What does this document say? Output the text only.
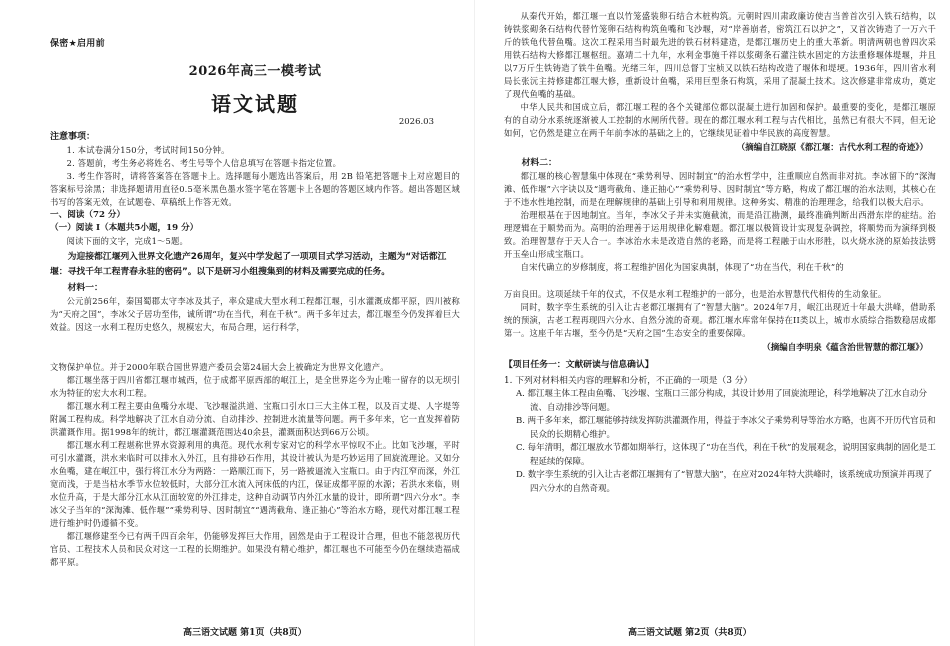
保密★启用前
2026年高三一模考试
语文试题
2026.03
注意事项：

1. 本试卷满分150分，考试时间150分钟。

2. 答题前，考生务必将姓名、考生号等个人信息填写在答题卡指定位置。

3. 考生作答时，请将答案答在答题卡上。选择题每小题选出答案后，用 2B 铅笔把答题卡上对应题目的答案标号涂黑；非选择题请用直径0.5毫米黑色墨水签字笔在答题卡上各题的答题区域内作答。超出答题区域书写的答案无效，在试题卷、草稿纸上作答无效。

一、阅读（72 分）
（一）阅读 I（本题共5小题，19 分）

阅读下面的文字，完成1～5题。

为迎接都江堰列入世界文化遗产26周年，复兴中学发起了一项项目式学习活动，主题为“对话都江堰：寻找千年工程青春永驻的密码”。以下是研习小组搜集到的材料及需要完成的任务。

材料一：

公元前256年，秦国蜀郡太守李冰及其子，率众建成大型水利工程都江堰，引水灌溉成都平原，四川被称为“天府之国”，李冰父子居功至伟，诚所谓“功在当代，利在千秋”。两千多年过去，都江堰至今仍发挥着巨大效益。因这一水利工程历史悠久，规模宏大，布局合理，运行科学，

文物保护单位。并于2000年联合国世界遗产委员会第24届大会上被确定为世界文化遗产。

都江堰坐落于四川省都江堰市城西，位于成都平原西部的岷江上，是全世界迄今为止唯一留存的以无坝引水为特征的宏大水利工程。

都江堰水利工程主要由鱼嘴分水堤、飞沙堰溢洪道、宝瓶口引水口三大主体工程，以及百丈堤、人字堤等附属工程构成。科学地解决了江水自动分流、自动排沙、控制进水流量等问题。两千多年来，它一直发挥着防洪灌溉作用。据1998年的统计，都江堰灌溉范围达40余县，灌溉面积达到66万公顷。

都江堰水利工程堪称世界水资源利用的典范。现代水利专家对它的科学水平惊叹不止。比如飞沙堰，平时可引水灌溉，洪水来临时可以排水入外江，且有排砂石作用，其设计被认为是巧妙运用了回旋流理论。又如分水鱼嘴，建在岷江中，强行将江水分为两路：一路顺江而下，另一路被逼流入宝瓶口。由于内江窄而深，外江宽而浅，于是当枯水季节水位较低时，大部分江水流入河床低的内江，保证成都平原的水源；若洪水来临，则水位升高，于是大部分江水从江面较宽的外江排走，这种自动调节内外江水量的设计，即所谓“四六分水”。李冰父子当年的“深淘滩、低作堰”“乘势利导、因时制宜”“遇湾截角、逢正抽心”等治水方略，现代对都江堰工程进行维护时仍遵循不变。

都江堰修建至今已有两千四百余年，仍能够发挥巨大作用，固然是由于工程设计合理，但也不能忽视历代官员、工程技术人员和民众对这一工程的长期维护。如果没有精心维护，都江堰也不可能至今仍在继续造福成都平原。

从秦代开始，都江堰一直以竹笼盛装卵石结合木桩构筑。元朝时四川肃政廉访使吉当普首次引入铁石结构，以铸铁浆砌条石结构代替竹笼卵石结构构筑鱼嘴和飞沙堰，对“岸善崩者，密筑江石以护之”，又首次铸造了一万六千斤的铁龟代替鱼嘴。这次工程采用当时最先进的铁石材料建造，是都江堰历史上的重大革新。明清两朝也曾四次采用铁石结构大修都江堰枢纽。嘉靖二十九年，水利金事施千祥以浆砌条石灌注铁水固定的方法重修堰体堤堰，并且以7万斤生铁铸造了铁牛鱼嘴。光绪三年，四川总督丁宝桢又以铁石结构改造了堰体和堤埂。1936年，四川省水利局长张沅主持修建都江堰大修，重新设计鱼嘴，采用巨型条石构筑，采用了混凝土技术。这次修建非常成功，奠定了现代鱼嘴的基础。

中华人民共和国成立后，都江堰工程的各个关键部位都以混凝土进行加固和保护。最重要的变化，是都江堰原有的自动分水系统逐渐被人工控制的水闸所代替。现在的都江堰水利工程与古代相比，虽然已有很大不同，但无论如何，它仍然是建立在两千年前李冰的基础之上的，它继续见证着中华民族的高度智慧。

（摘编自江晓原《都江堰：古代水利工程的奇迹》）

材料二：

都江堰的核心智慧集中体现在“乘势利导、因时制宜”的治水哲学中，注重顺应自然而非对抗。李冰留下的“深淘滩、低作堰”六字诀以及“遇弯截角、逢正抽心”“乘势利导、因时制宜”等方略，构成了都江堰的治水法则，其核心在于不违水性地控制，而是在理解规律的基础上引导和利用规律。这种务实、精准的治理理念，给我们以极大启示。

治理根基在于因地制宜。当年，李冰父子并未实施截流，而是沿江勘测，最终准确判断出西滑东岸的症结。治理逻辑在于顺势而为。高明的治理善于运用规律化解难题。都江堰以极简设计实现复杂调控，将顺势而为演绎到极致。治理智慧存于天人合一。李冰治水未是改造自然的老路，而是将工程融于山水形胜，以火烧水浇的原始技法劈开玉垒山形成宝瓶口。

自宋代确立的岁修制度，将工程维护固化为国家典制，体现了“功在当代，利在千秋”的

万亩良田。这项延续千年的仪式，不仅是水利工程维护的一部分，也是治水智慧代代相传的生动象征。

同时，数字孪生系统的引入让古老都江堰拥有了“智慧大脑”。2024年7月，岷江出现近十年最大洪峰，借助系统的预演，古老工程再现四六分水、自然分流的奇观。都江堰水库常年保持在II类以上，城市水质综合指数稳居成都第一。这座千年古堰，至今仍是“天府之国”生态安全的重要保障。

（摘编自李明泉《蕴含治世智慧的都江堰》）
【项目任务一：文献研读与信息确认】

1. 下列对材料相关内容的理解和分析，不正确的一项是（3 分）

A. 都江堰主体工程由鱼嘴、飞沙堰、宝瓶口三部分构成，其设计妙用了回旋流理论，科学地解决了江水自动分流、自动排沙等问题。

B. 两千多年来，都江堰能够持续发挥防洪灌溉作用，得益于李冰父子乘势利导等治水方略，也离不开历代官员和民众的长期精心维护。

C. 每年清明，都江堰放水节都如期举行，这体现了“功在当代，利在千秋”的发展观念，说明国家典制的固化是工程延续的保障。

D. 数字孪生系统的引入让古老都江堰拥有了“智慧大脑”，在应对2024年特大洪峰时，该系统成功预演并再现了四六分水的自然奇观。

高三语文试题 第1页（共8页）	高三语文试题 第2页（共8页）
